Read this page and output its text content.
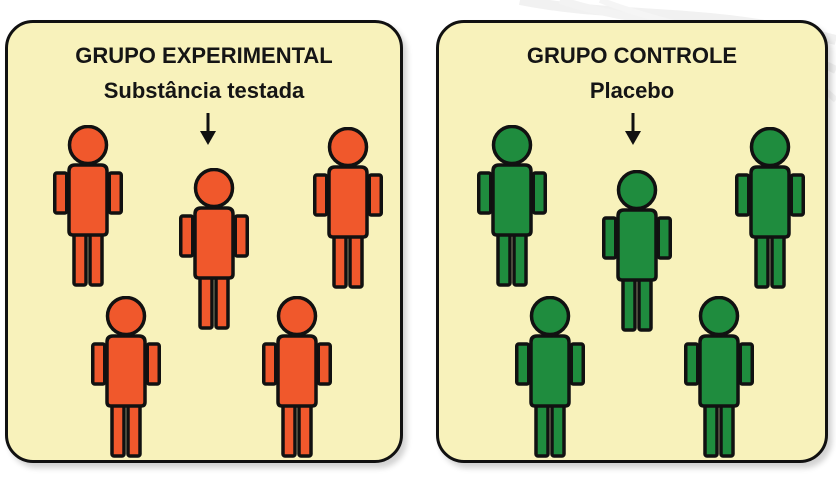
GRUPO EXPERIMENTAL
Substância testada
GRUPO CONTROLE
Placebo
